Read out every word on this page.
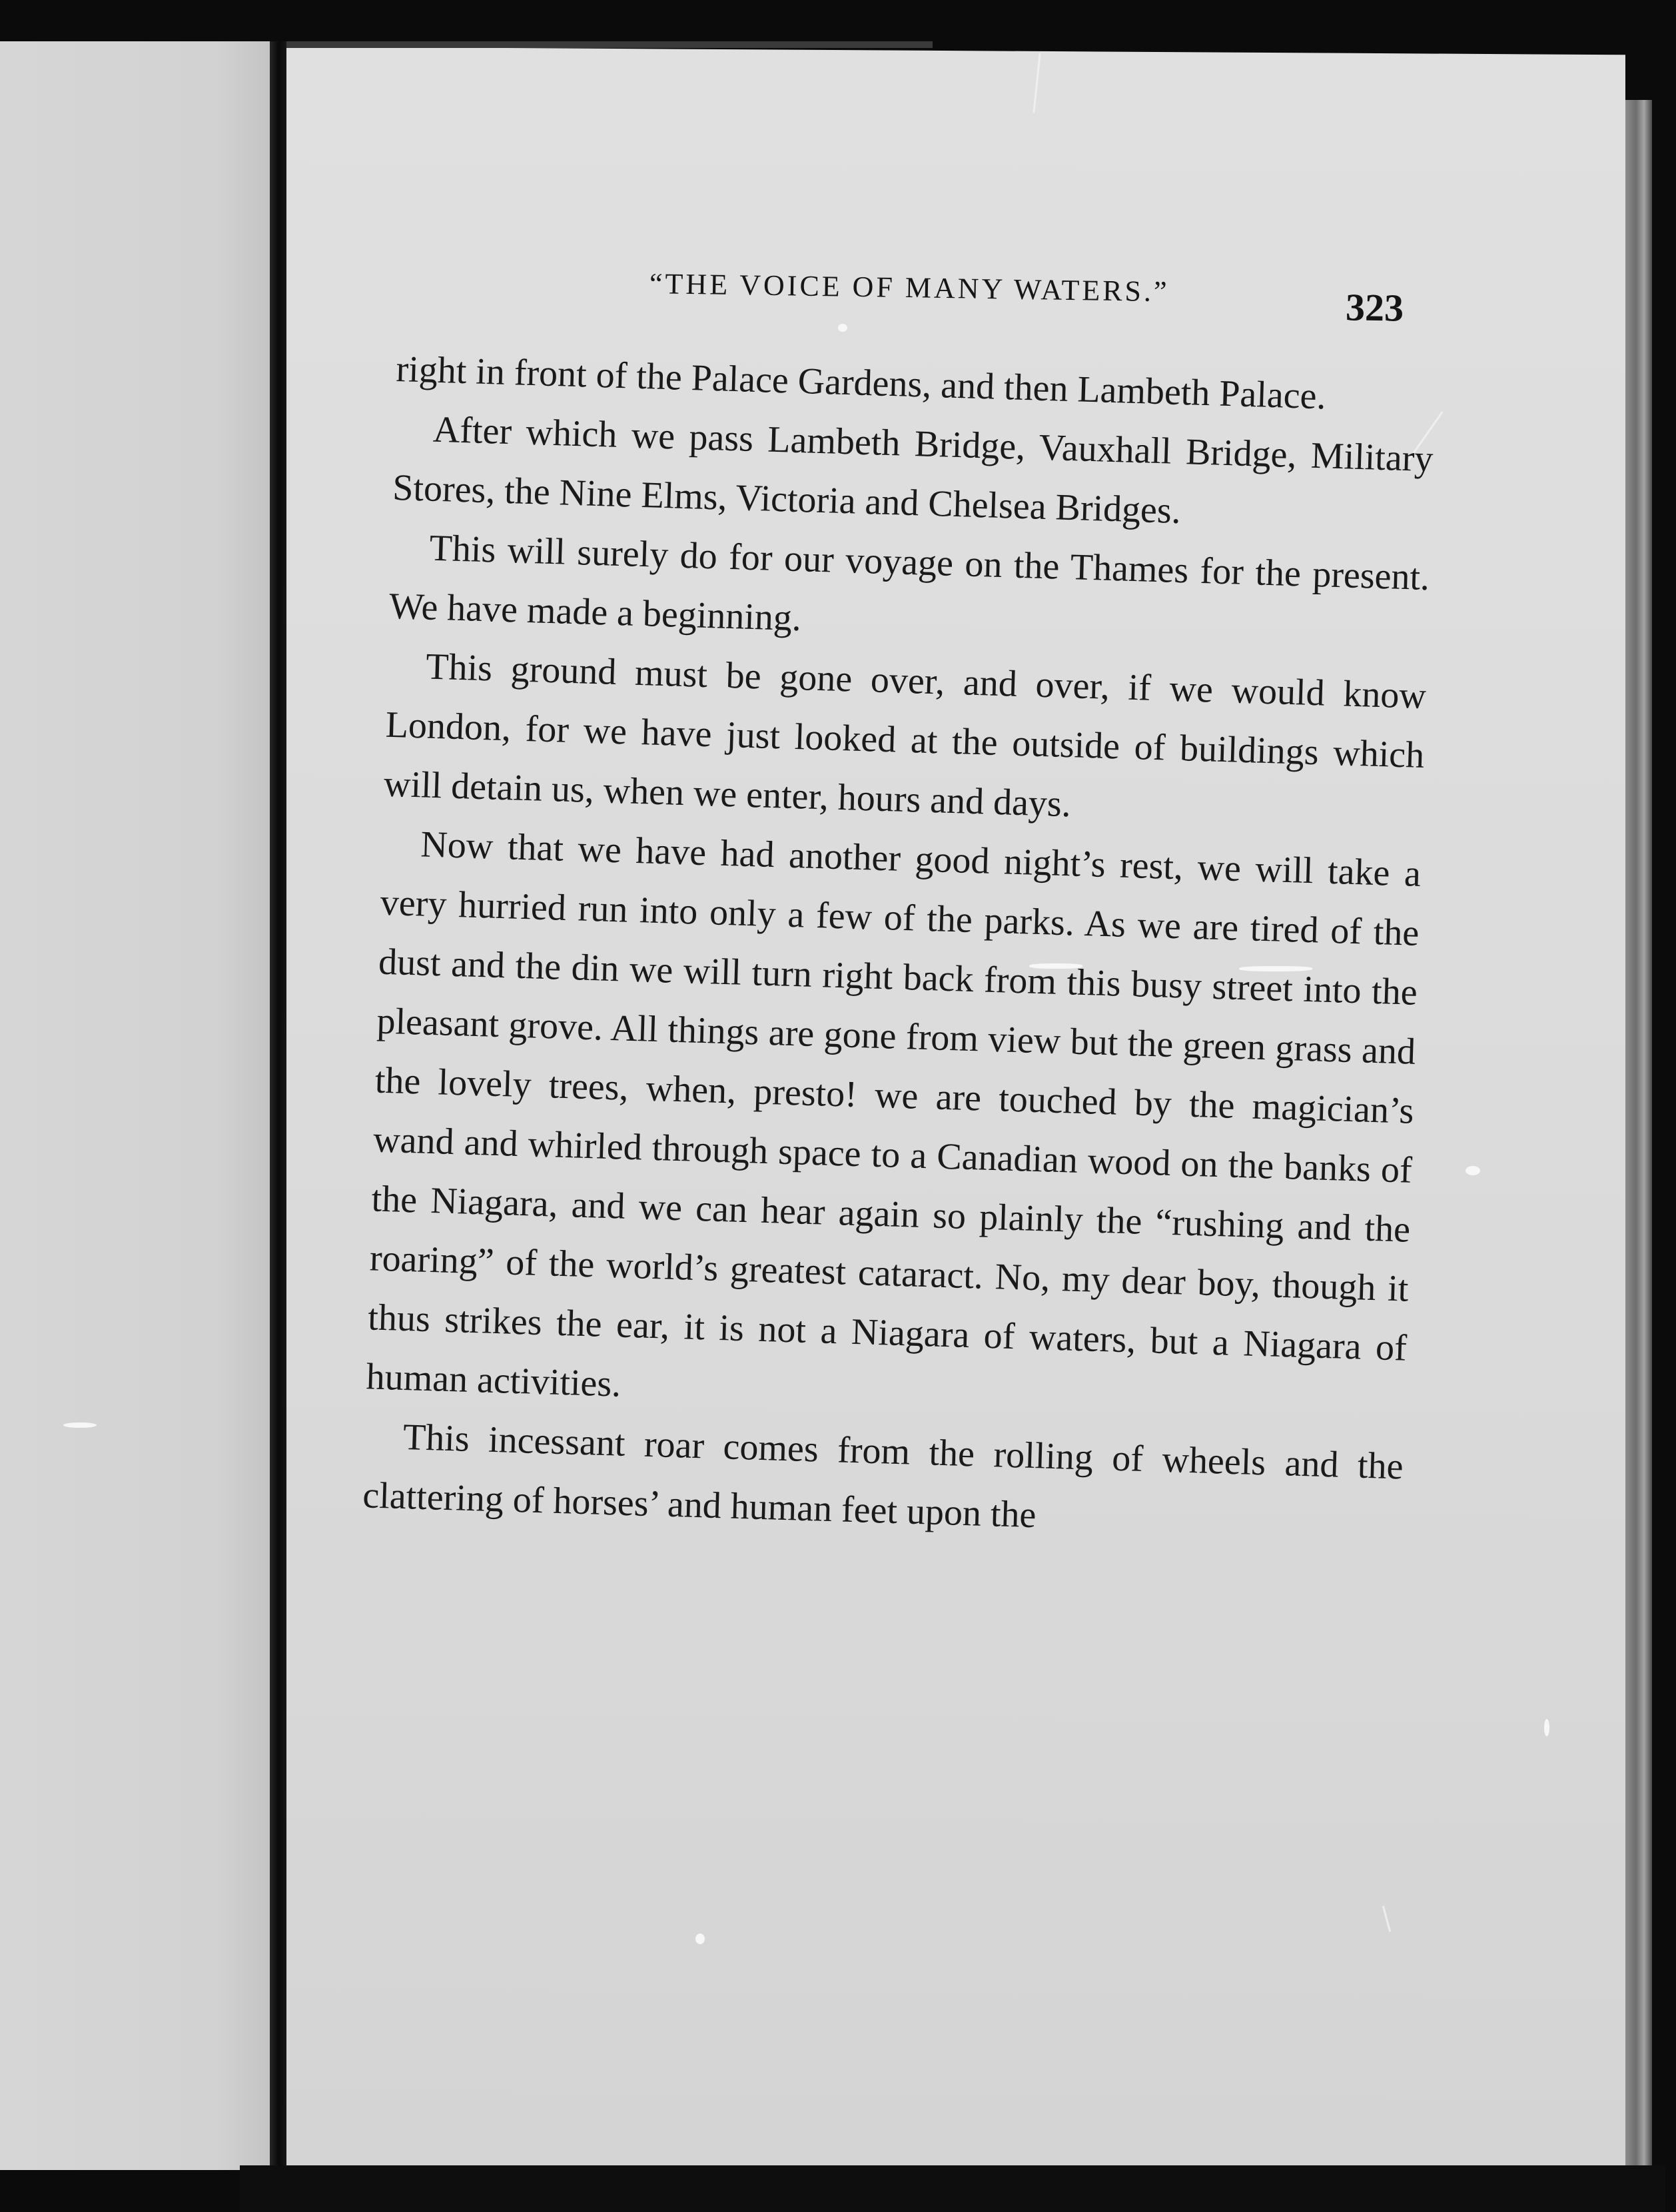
“THE VOICE OF MANY WATERS.”	323

right in front of the Palace Gardens, and then Lambeth Palace.

After which we pass Lambeth Bridge, Vauxhall Bridge, Military Stores, the Nine Elms, Victoria and Chelsea Bridges.

This will surely do for our voyage on the Thames for the present. We have made a beginning.

This ground must be gone over, and over, if we would know London, for we have just looked at the outside of buildings which will detain us, when we enter, hours and days.

Now that we have had another good night’s rest, we will take a very hurried run into only a few of the parks. As we are tired of the dust and the din we will turn right back from this busy street into the pleasant grove. All things are gone from view but the green grass and the lovely trees, when, presto! we are touched by the magician’s wand and whirled through space to a Canadian wood on the banks of the Niagara, and we can hear again so plainly the “rushing and the roaring” of the world’s greatest cataract. No, my dear boy, though it thus strikes the ear, it is not a Niagara of waters, but a Niagara of human activities.

This incessant roar comes from the rolling of wheels and the clattering of horses’ and human feet upon the
